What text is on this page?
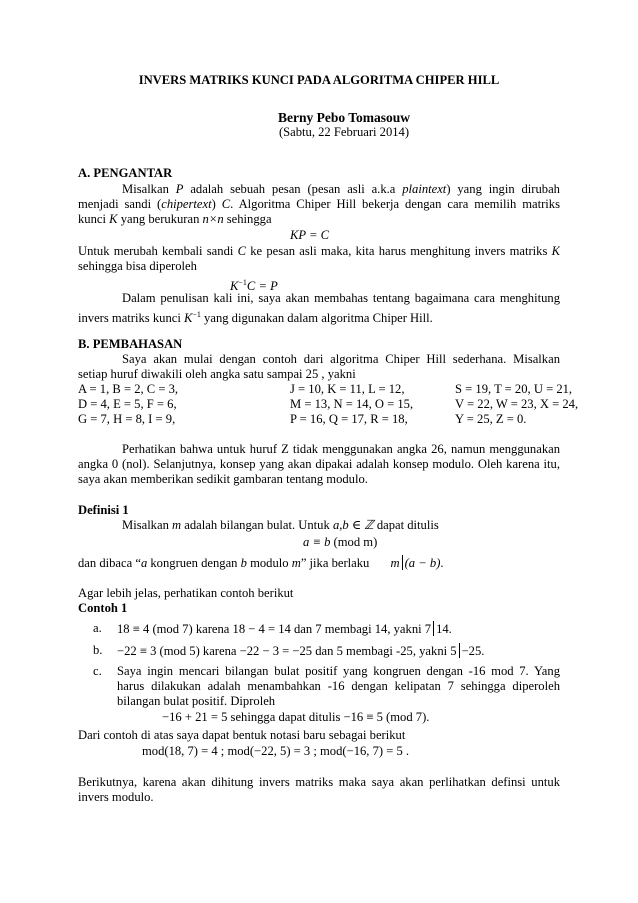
INVERS MATRIKS KUNCI PADA ALGORITMA CHIPER HILL
Berny Pebo Tomasouw
(Sabtu, 22 Februari 2014)
A. PENGANTAR
Misalkan P adalah sebuah pesan (pesan asli a.k.a plaintext) yang ingin dirubah
menjadi sandi (chipertext) C. Algoritma Chiper Hill bekerja dengan cara memilih matriks
kunci K yang berukuran n×n sehingga
KP = C
Untuk merubah kembali sandi C ke pesan asli maka, kita harus menghitung invers matriks K
sehingga bisa diperoleh
$K^{-1}C = P$
Dalam penulisan kali ini, saya akan membahas tentang bagaimana cara menghitung
invers matriks kunci $K^{-1}$ yang digunakan dalam algoritma Chiper Hill.
B. PEMBAHASAN
Saya akan mulai dengan contoh dari algoritma Chiper Hill sederhana. Misalkan
setiap huruf diwakili oleh angka satu sampai 25 , yakni
A = 1, B = 2, C = 3,	J = 10, K = 11, L = 12,	S = 19, T = 20, U = 21,
D = 4, E = 5, F = 6,	M = 13, N = 14, O = 15,	V = 22, W = 23, X = 24,
G = 7, H = 8, I = 9,	P = 16, Q = 17, R = 18,	Y = 25, Z = 0.
Perhatikan bahwa untuk huruf Z tidak menggunakan angka 26, namun menggunakan
angka 0 (nol). Selanjutnya, konsep yang akan dipakai adalah konsep modulo. Oleh karena itu,
saya akan memberikan sedikit gambaran tentang modulo.
Definisi 1
Misalkan m adalah bilangan bulat. Untuk a,b ∈ ℤ dapat ditulis
a ≡ b (mod m)
dan dibaca “a kongruen dengan b modulo m” jika berlaku m (a − b).
Agar lebih jelas, perhatikan contoh berikut
Contoh 1
a. 18 ≡ 4 (mod 7) karena 18 − 4 = 14 dan 7 membagi 14, yakni 7 14.
b. −22 ≡ 3 (mod 5) karena −22 − 3 = −25 dan 5 membagi -25, yakni 5 −25.
c. Saya ingin mencari bilangan bulat positif yang kongruen dengan -16 mod 7. Yang
harus dilakukan adalah menambahkan -16 dengan kelipatan 7 sehingga diperoleh
bilangan bulat positif. Diproleh
−16 + 21 = 5 sehingga dapat ditulis −16 ≡ 5 (mod 7).
Dari contoh di atas saya dapat bentuk notasi baru sebagai berikut
mod(18, 7) = 4 ; mod(−22, 5) = 3 ; mod(−16, 7) = 5 .
Berikutnya, karena akan dihitung invers matriks maka saya akan perlihatkan definsi untuk
invers modulo.
